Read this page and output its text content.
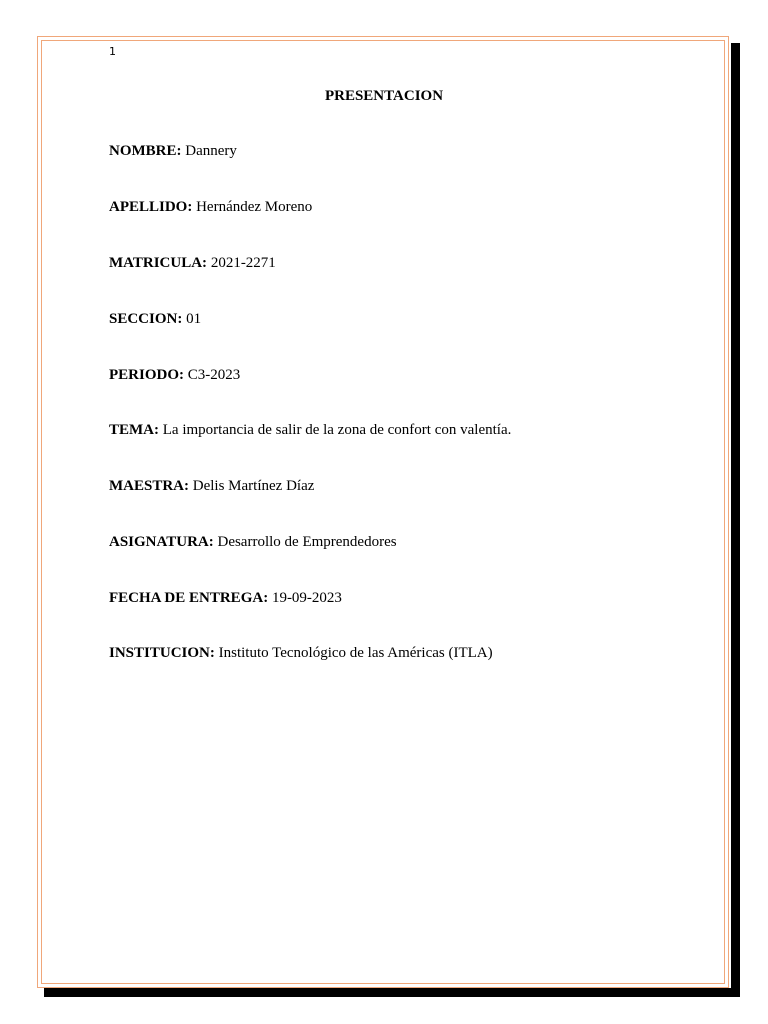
1
PRESENTACION
NOMBRE: Dannery
APELLIDO: Hernández Moreno
MATRICULA: 2021-2271
SECCION: 01
PERIODO: C3-2023
TEMA: La importancia de salir de la zona de confort con valentía.
MAESTRA: Delis Martínez Díaz
ASIGNATURA: Desarrollo de Emprendedores
FECHA DE ENTREGA: 19-09-2023
INSTITUCION: Instituto Tecnológico de las Américas (ITLA)
